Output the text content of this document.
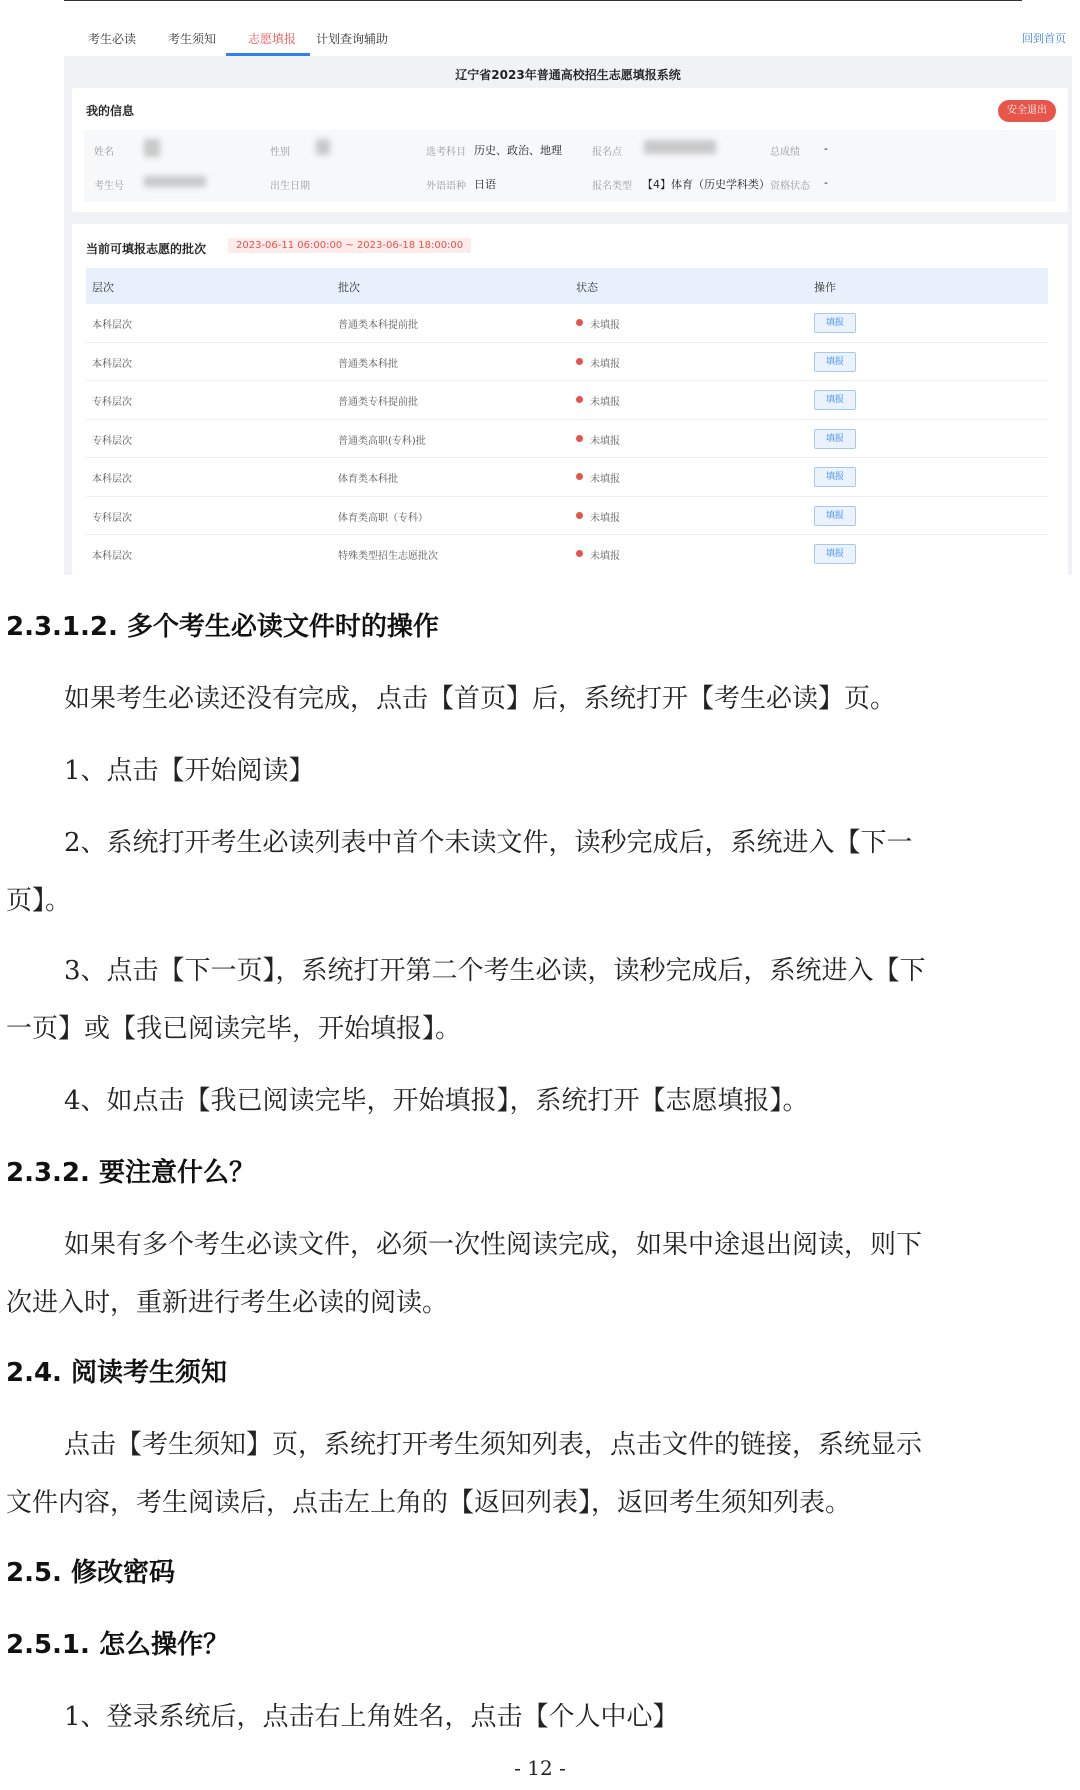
考生必读	考生须知	志愿填报 计划查询辅助	回到首页
辽宁省2023年普通高校招生志愿填报系统
我的信息	安全退出
姓名	性别	选考科目 历史、政治、地理	报名点	总成绩 -
考生号	出生日期	外语语种 日语	报名类型 【4】体育（历史学科类） 资格状态 -
当前可填报志愿的批次	2023-06-11 06:00:00 ~ 2023-06-18 18:00:00
层次	批次	状态	操作
本科层次	普通类本科提前批	未填报	填报
本科层次	普通类本科批	未填报	填报
专科层次	普通类专科提前批	未填报	填报
专科层次	普通类高职(专科)批	未填报	填报
本科层次	体育类本科批	未填报	填报
专科层次	体育类高职（专科）	未填报	填报
本科层次	特殊类型招生志愿批次	未填报	填报
2.3.1.2. 多个考生必读文件时的操作
如果考生必读还没有完成，点击【首页】后，系统打开【考生必读】页。
1、点击【开始阅读】
2、系统打开考生必读列表中首个未读文件，读秒完成后，系统进入【下一
页】。
3、点击【下一页】，系统打开第二个考生必读，读秒完成后，系统进入【下
一页】或【我已阅读完毕，开始填报】。
4、如点击【我已阅读完毕，开始填报】，系统打开【志愿填报】。
2.3.2. 要注意什么？
如果有多个考生必读文件，必须一次性阅读完成，如果中途退出阅读，则下
次进入时，重新进行考生必读的阅读。
2.4. 阅读考生须知
点击【考生须知】页，系统打开考生须知列表，点击文件的链接，系统显示
文件内容，考生阅读后，点击左上角的【返回列表】，返回考生须知列表。
2.5. 修改密码
2.5.1. 怎么操作？
1、登录系统后，点击右上角姓名，点击【个人中心】
- 12 -
